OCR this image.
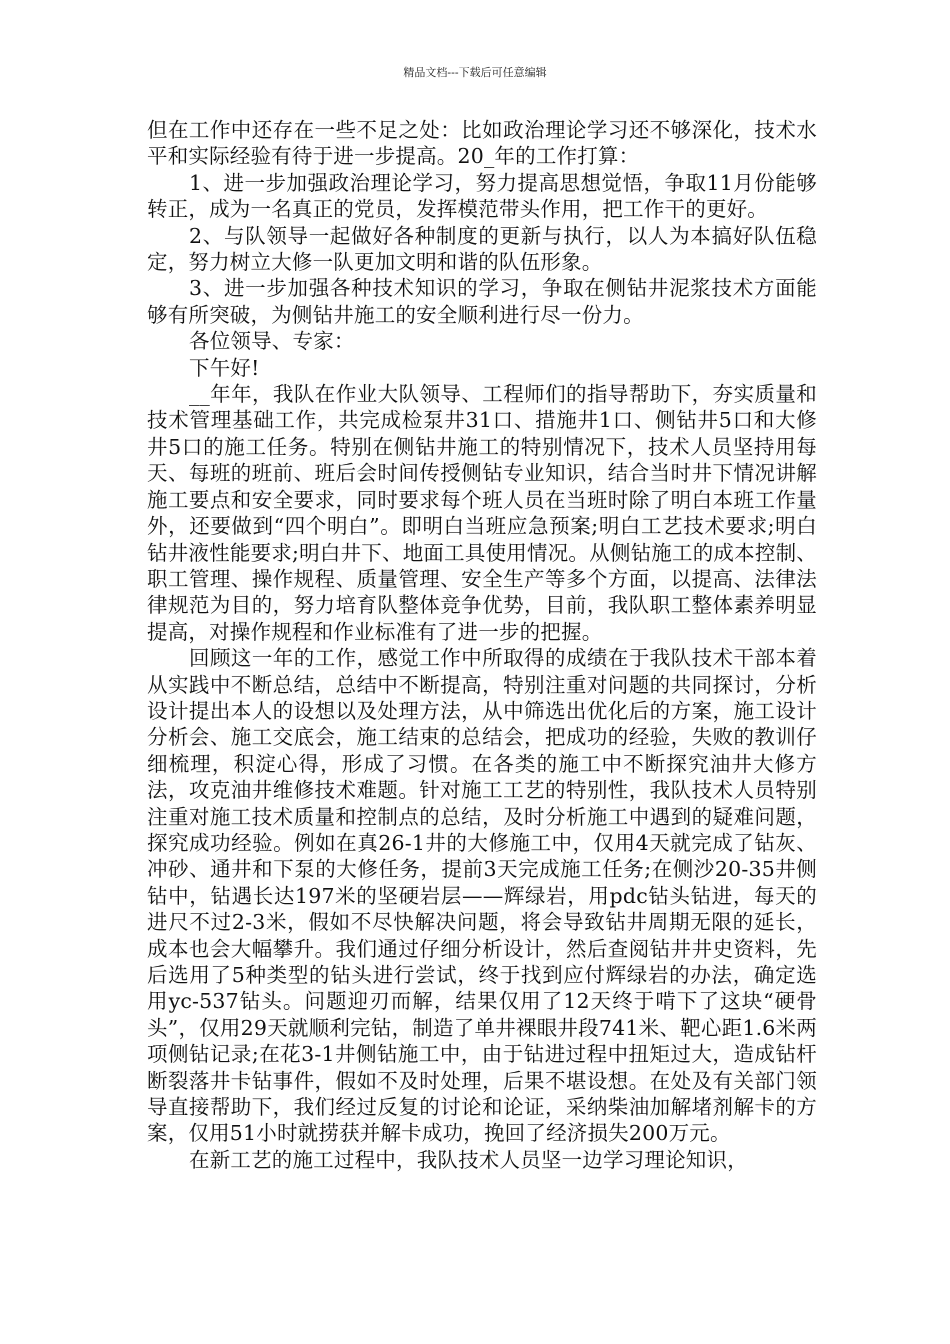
精品文档---下载后可任意编辑

但在工作中还存在一些不足之处：比如政治理论学习还不够深化，技术水平和实际经验有待于进一步提高。20_年的工作打算：

1、进一步加强政治理论学习，努力提高思想觉悟，争取11月份能够转正，成为一名真正的党员，发挥模范带头作用，把工作干的更好。

2、与队领导一起做好各种制度的更新与执行，以人为本搞好队伍稳定，努力树立大修一队更加文明和谐的队伍形象。

3、进一步加强各种技术知识的学习，争取在侧钻井泥浆技术方面能够有所突破，为侧钻井施工的安全顺利进行尽一份力。

各位领导、专家：

下午好!

__年年，我队在作业大队领导、工程师们的指导帮助下，夯实质量和技术管理基础工作，共完成检泵井31口、措施井1口、侧钻井5口和大修井5口的施工任务。特别在侧钻井施工的特别情况下，技术人员坚持用每天、每班的班前、班后会时间传授侧钻专业知识，结合当时井下情况讲解施工要点和安全要求，同时要求每个班人员在当班时除了明白本班工作量外，还要做到“四个明白”。即明白当班应急预案;明白工艺技术要求;明白钻井液性能要求;明白井下、地面工具使用情况。从侧钻施工的成本控制、职工管理、操作规程、质量管理、安全生产等多个方面，以提高、法律法律规范为目的，努力培育队整体竞争优势，目前，我队职工整体素养明显提高，对操作规程和作业标准有了进一步的把握。

回顾这一年的工作，感觉工作中所取得的成绩在于我队技术干部本着从实践中不断总结，总结中不断提高，特别注重对问题的共同探讨，分析设计提出本人的设想以及处理方法，从中筛选出优化后的方案，施工设计分析会、施工交底会，施工结束的总结会，把成功的经验，失败的教训仔细梳理，积淀心得，形成了习惯。在各类的施工中不断探究油井大修方法，攻克油井维修技术难题。针对施工工艺的特别性，我队技术人员特别注重对施工技术质量和控制点的总结，及时分析施工中遇到的疑难问题，探究成功经验。例如在真26-1井的大修施工中，仅用4天就完成了钻灰、冲砂、通井和下泵的大修任务，提前3天完成施工任务;在侧沙20-35井侧钻中，钻遇长达197米的坚硬岩层——辉绿岩，用pdc钻头钻进，每天的进尺不过2-3米，假如不尽快解决问题，将会导致钻井周期无限的延长，成本也会大幅攀升。我们通过仔细分析设计，然后查阅钻井井史资料，先后选用了5种类型的钻头进行尝试，终于找到应付辉绿岩的办法，确定选用yc-537钻头。问题迎刃而解，结果仅用了12天终于啃下了这块“硬骨头”，仅用29天就顺利完钻，制造了单井裸眼井段741米、靶心距1.6米两项侧钻记录;在花3-1井侧钻施工中，由于钻进过程中扭矩过大，造成钻杆断裂落井卡钻事件，假如不及时处理，后果不堪设想。在处及有关部门领导直接帮助下，我们经过反复的讨论和论证，采纳柴油加解堵剂解卡的方案，仅用51小时就捞获并解卡成功，挽回了经济损失200万元。

在新工艺的施工过程中，我队技术人员坚一边学习理论知识，
